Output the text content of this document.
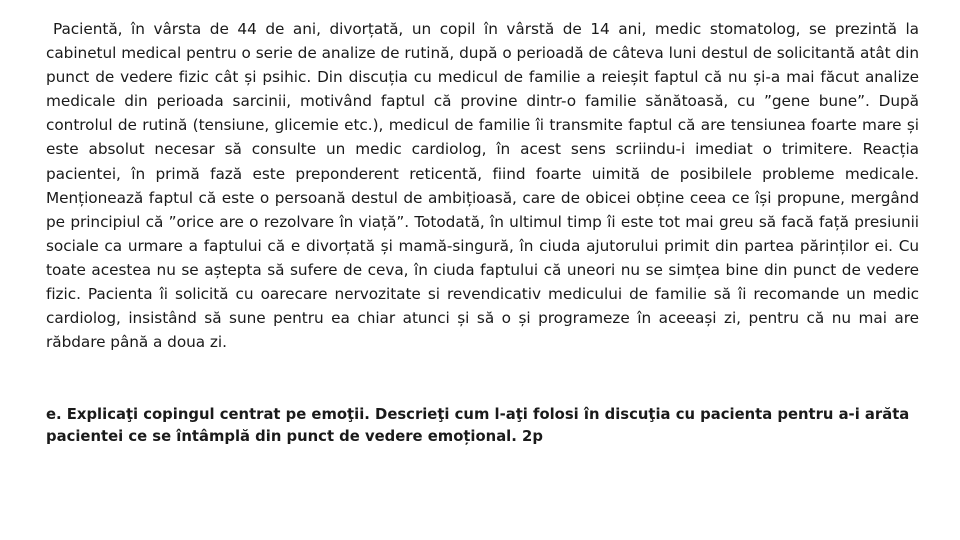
Pacientă, în vârsta de 44 de ani, divorțată, un copil în vârstă de 14 ani, medic stomatolog, se prezintă la cabinetul medical pentru o serie de analize de rutină, după o perioadă de câteva luni destul de solicitantă atât din punct de vedere fizic cât și psihic. Din discuția cu medicul de familie a reieșit faptul că nu și-a mai făcut analize medicale din perioada sarcinii, motivând faptul că provine dintr-o familie sănătoasă, cu ”gene bune”. După controlul de rutină (tensiune, glicemie etc.), medicul de familie îi transmite faptul că are tensiunea foarte mare și este absolut necesar să consulte un medic cardiolog, în acest sens scriindu-i imediat o trimitere. Reacția pacientei, în primă fază este preponderent reticentă, fiind foarte uimită de posibilele probleme medicale. Menționează faptul că este o persoană destul de ambițioasă, care de obicei obține ceea ce își propune, mergând pe principiul că ”orice are o rezolvare în viață”. Totodată, în ultimul timp îi este tot mai greu să facă față presiunii sociale ca urmare a faptului că e divorțată și mamă-singură, în ciuda ajutorului primit din partea părinților ei. Cu toate acestea nu se aștepta să sufere de ceva, în ciuda faptului că uneori nu se simțea bine din punct de vedere fizic. Pacienta îi solicită cu oarecare nervozitate si revendicativ medicului de familie să îi recomande un medic cardiolog, insistând să sune pentru ea chiar atunci și să o și programeze în aceeași zi, pentru că nu mai are răbdare până a doua zi.

e. Explicaţi copingul centrat pe emoţii. Descrieţi cum l-aţi folosi în discuţia cu pacienta pentru a-i arăta pacientei ce se întâmplă din punct de vedere emoțional. 2p
